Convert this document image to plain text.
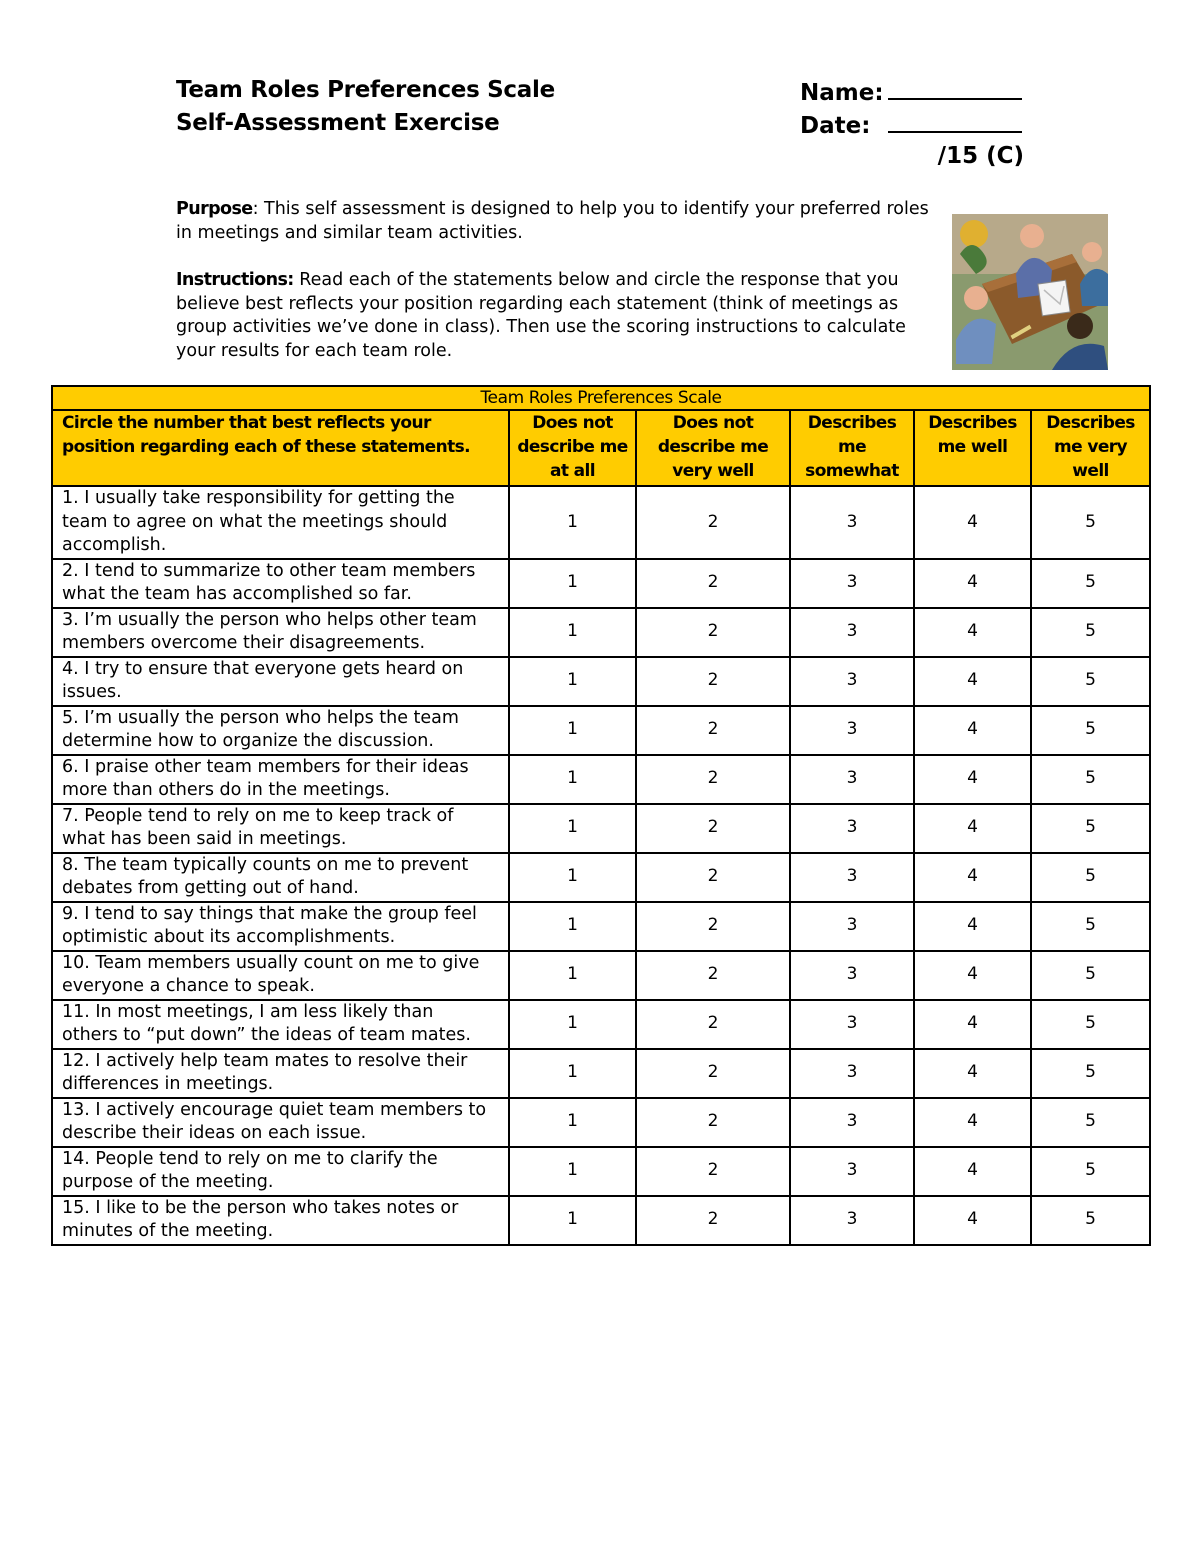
Team Roles Preferences Scale
Self-Assessment Exercise
Name:
Date:
/15 (C)
Purpose: This self assessment is designed to help you to identify your preferred roles in meetings and similar team activities.
Instructions: Read each of the statements below and circle the response that you believe best reflects your position regarding each statement (think of meetings as group activities we’ve done in class). Then use the scoring instructions to calculate your results for each team role.
Team Roles Preferences Scale					
Circle the number that best reflects your position regarding each of these statements.	Does not describe me at all	Does not describe me very well	Describes me somewhat	Describes me well	Describes me very well
1. I usually take responsibility for getting the team to agree on what the meetings should accomplish.	1	2	3	4	5
2. I tend to summarize to other team members what the team has accomplished so far.	1	2	3	4	5
3. I’m usually the person who helps other team members overcome their disagreements.	1	2	3	4	5
4. I try to ensure that everyone gets heard on issues.	1	2	3	4	5
5. I’m usually the person who helps the team determine how to organize the discussion.	1	2	3	4	5
6. I praise other team members for their ideas more than others do in the meetings.	1	2	3	4	5
7. People tend to rely on me to keep track of what has been said in meetings.	1	2	3	4	5
8. The team typically counts on me to prevent debates from getting out of hand.	1	2	3	4	5
9. I tend to say things that make the group feel optimistic about its accomplishments.	1	2	3	4	5
10. Team members usually count on me to give everyone a chance to speak.	1	2	3	4	5
11. In most meetings, I am less likely than others to “put down” the ideas of team mates.	1	2	3	4	5
12. I actively help team mates to resolve their differences in meetings.	1	2	3	4	5
13. I actively encourage quiet team members to describe their ideas on each issue.	1	2	3	4	5
14. People tend to rely on me to clarify the purpose of the meeting.	1	2	3	4	5
15. I like to be the person who takes notes or minutes of the meeting.	1	2	3	4	5
